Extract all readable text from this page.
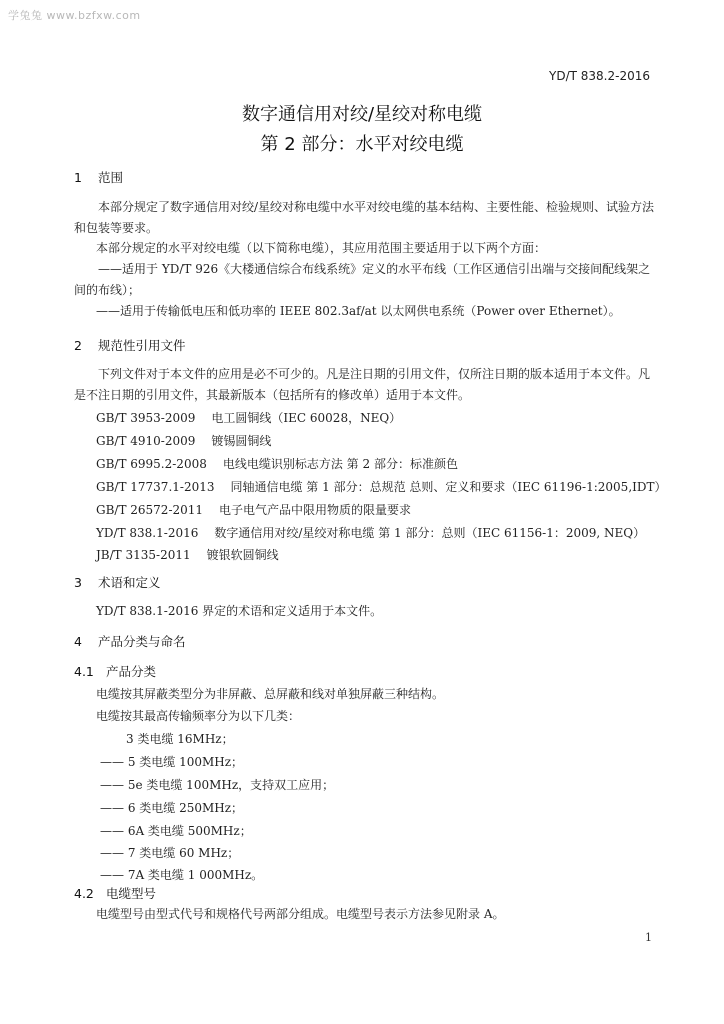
学兔兔 www.bzfxw.com
YD/T 838.2-2016
数字通信用对绞/星绞对称电缆
第 2 部分：水平对绞电缆
1 范围
本部分规定了数字通信用对绞/星绞对称电缆中水平对绞电缆的基本结构、主要性能、检验规则、试验方法和包装等要求。
本部分规定的水平对绞电缆（以下简称电缆），其应用范围主要适用于以下两个方面：
——适用于 YD/T 926《大楼通信综合布线系统》定义的水平布线（工作区通信引出端与交接间配线架之间的布线）；
——适用于传输低电压和低功率的 IEEE 802.3af/at 以太网供电系统（Power over Ethernet）。
2 规范性引用文件
下列文件对于本文件的应用是必不可少的。凡是注日期的引用文件，仅所注日期的版本适用于本文件。凡是不注日期的引用文件，其最新版本（包括所有的修改单）适用于本文件。
GB/T 3953-2009 电工圆铜线（IEC 60028，NEQ）
GB/T 4910-2009 镀锡圆铜线
GB/T 6995.2-2008 电线电缆识别标志方法 第 2 部分：标准颜色
GB/T 17737.1-2013 同轴通信电缆 第 1 部分：总规范 总则、定义和要求（IEC 61196-1:2005,IDT）
GB/T 26572-2011 电子电气产品中限用物质的限量要求
YD/T 838.1-2016 数字通信用对绞/星绞对称电缆 第 1 部分：总则（IEC 61156-1：2009, NEQ）
JB/T 3135-2011 镀银软圆铜线
3 术语和定义
YD/T 838.1-2016 界定的术语和定义适用于本文件。
4 产品分类与命名
4.1 产品分类
电缆按其屏蔽类型分为非屏蔽、总屏蔽和线对单独屏蔽三种结构。
电缆按其最高传输频率分为以下几类：
3 类电缆 16MHz；
—— 5 类电缆 100MHz；
—— 5e 类电缆 100MHz，支持双工应用；
—— 6 类电缆 250MHz；
—— 6A 类电缆 500MHz；
—— 7 类电缆 60 MHz；
—— 7A 类电缆 1 000MHz。
4.2 电缆型号
电缆型号由型式代号和规格代号两部分组成。电缆型号表示方法参见附录 A。
1
